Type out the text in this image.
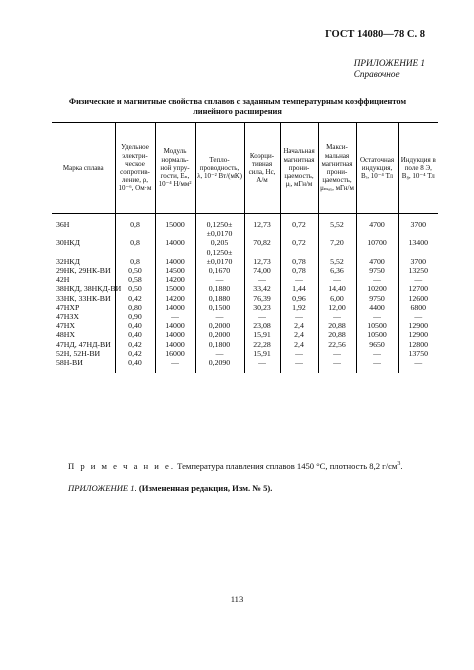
ГОСТ 14080—78 С. 8
ПРИЛОЖЕНИЕ 1
Справочное
Физические и магнитные свойства сплавов с заданным температурным коэффициентом
линейного расширения
Марка сплава	Удельное электри-ческое сопротив-ление, ρ, 10⁻⁶, Ом·м	Модуль нормаль-ной упру-гости, Eₙ, 10⁻⁴ Н/мм²	Тепло-проводность, λ, 10⁻² Вт/(мК)	Коэрци-тивная сила, Hc, А/м	Начальная магнитная прони-цаемость, μᵢ, мГн/м	Макси-мальная магнитная прони-цаемость, μₘₐₓ, мГн/м	Остаточная индукция, Bᵣ, 10⁻⁴ Тл	Индукция в поле 8 Э, B₈, 10⁻⁴ Тл

36Н	0,8	15000	0,1250±	12,73	0,72	5,52	4700	3700
			±0,0170					
30НКД	0,8	14000	0,205	70,82	0,72	7,20	10700	13400
			0,1250±					
32НКД	0,8	14000	±0,0170	12,73	0,78	5,52	4700	3700
29НК, 29НК-ВИ	0,50	14500	0,1670	74,00	0,78	6,36	9750	13250
42Н	0,58	14200	—	—	—	—	—	—
38НКД, 38НКД-ВИ	0,50	15000	0,1880	33,42	1,44	14,40	10200	12700
33НК, 33НК-ВИ	0,42	14200	0,1880	76,39	0,96	6,00	9750	12600
47НХР	0,80	14000	0,1500	30,23	1,92	12,00	4400	6800
47НЗХ	0,90	—	—	—	—	—	—	—
47НХ	0,40	14000	0,2000	23,08	2,4	20,88	10500	12900
48НХ	0,40	14000	0,2000	15,91	2,4	20,88	10500	12900
47НД, 47НД-ВИ	0,42	14000	0,1800	22,28	2,4	22,56	9650	12800
52Н, 52Н-ВИ	0,42	16000	—	15,91	—	—	—	13750
58Н-ВИ	0,40	—	0,2090	—	—	—	—	—

П р и м е ч а н и е. Температура плавления сплавов 1450 °С, плотность 8,2 $г/см^3$.
ПРИЛОЖЕНИЕ 1. (Измененная редакция, Изм. № 5).
113
